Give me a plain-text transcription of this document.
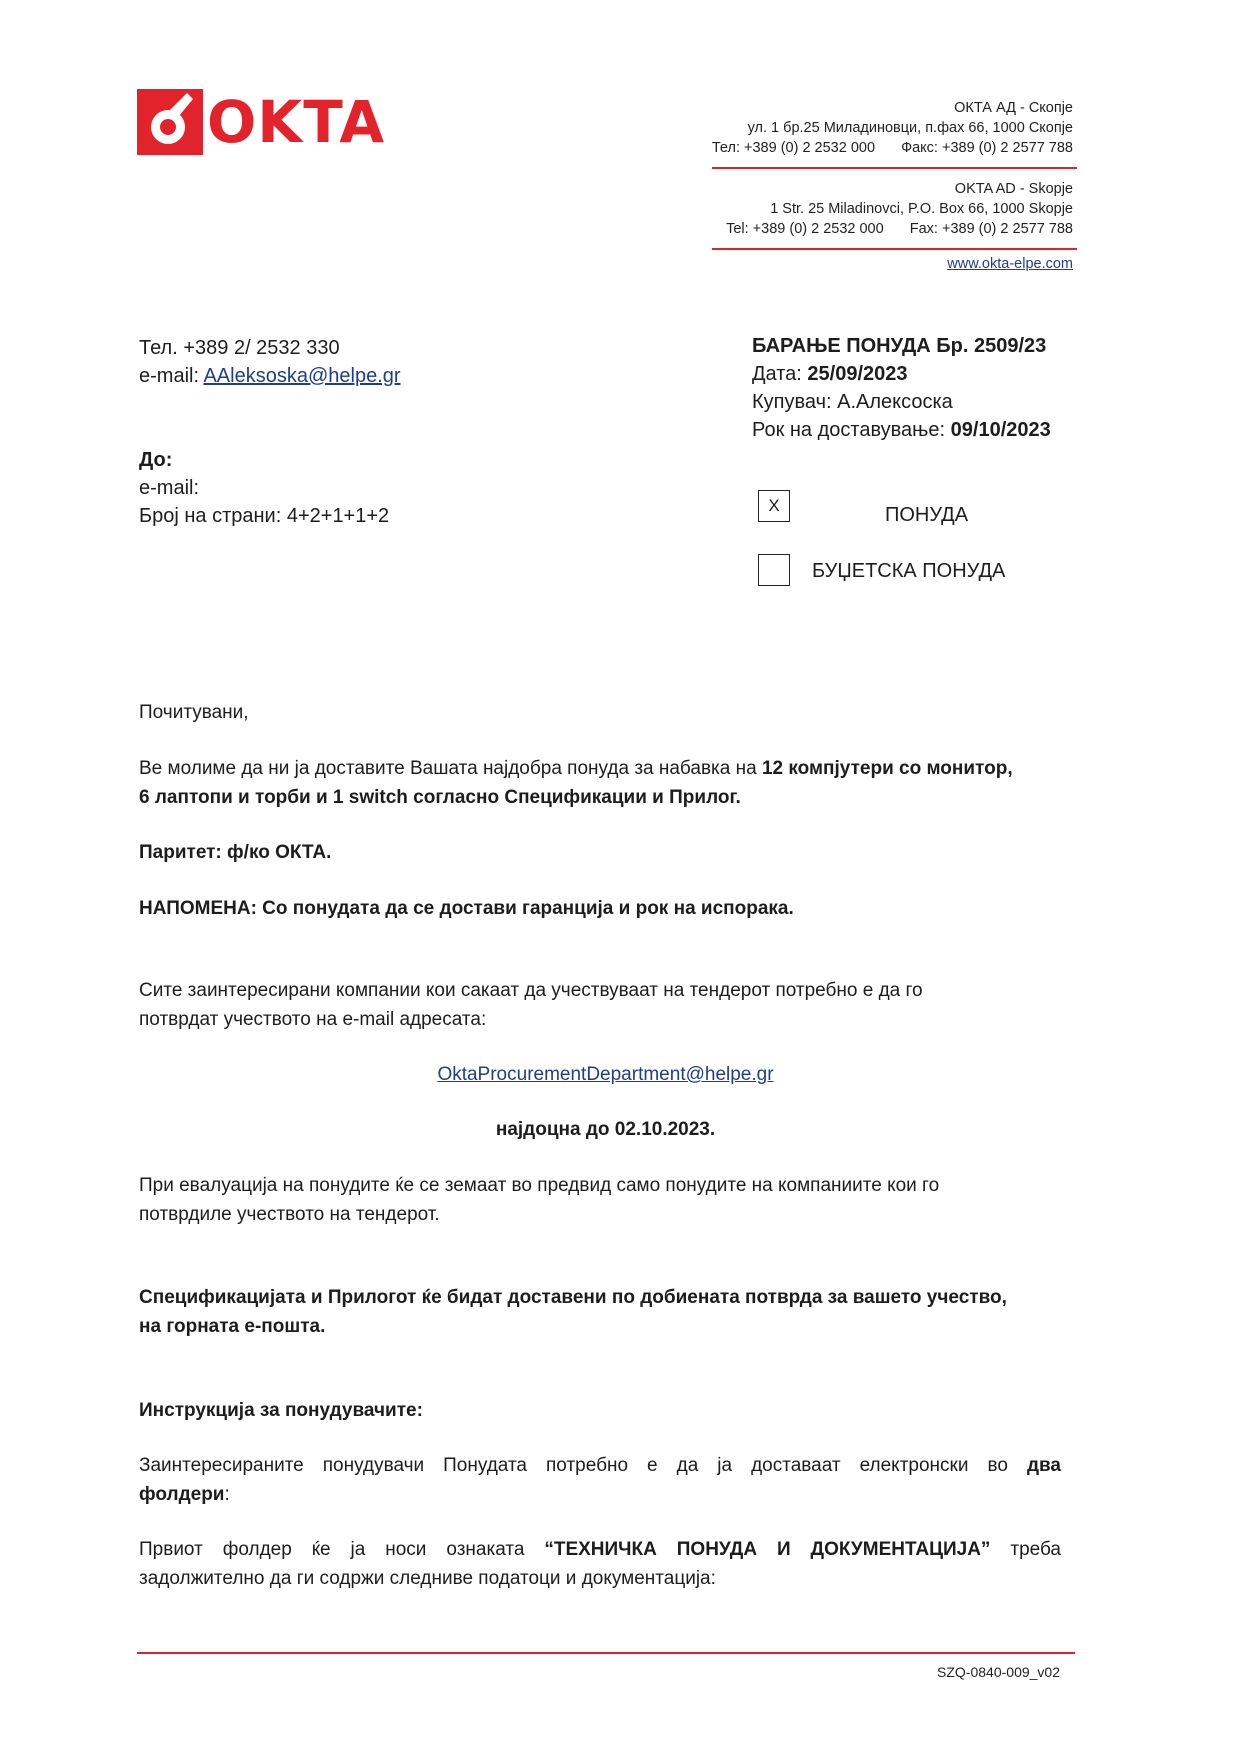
OKTA	ОКТА АД - Скопје
ул. 1 бр.25 Миладиновци, п.фах 66, 1000 Скопје
Тел: +389 (0) 2 2532 000 Факс: +389 (0) 2 2577 788
OKTA AD - Skopje
1 Str. 25 Miladinovci, P.O. Box 66, 1000 Skopje
Tel: +389 (0) 2 2532 000 Fax: +389 (0) 2 2577 788
www.okta-elpe.com
Тел. +389 2/ 2532 330
e-mail: AAleksoska@helpe.gr
БАРАЊЕ ПОНУДА Бр. 2509/23
Дата: 25/09/2023
Купувач: А.Алексоска
Рок на доставување: 09/10/2023
До:
e-mail:
Број на страни: 4+2+1+1+2	X	ПОНУДА
БУЏЕТСКА ПОНУДА
Почитувани,
Ве молиме да ни ја доставите Вашата најдобра понуда за набавка на 12 компјутери со монитор,
6 лаптопи и торби и 1 switch согласно Спецификации и Прилог.
Паритет: ф/ко ОКТА.
НАПОМЕНА: Со понудата да се достави гаранција и рок на испорака.
Сите заинтересирани компании кои сакаат да учествуваат на тендерот потребно е да го
потврдат учеството на e-mail адресата:
OktaProcurementDepartment@helpe.gr
најдоцна до 02.10.2023.
При евалуација на понудите ќе се земаат во предвид само понудите на компаниите кои го
потврдиле учеството на тендерот.
Спецификацијата и Прилогот ќе бидат доставени по добиената потврда за вашето учество,
на горната е-пошта.
Инструкција за понудувачите:
Заинтересираните понудувачи Понудата потребно е да ја доставаат електронски во два
фолдери:
Првиот фолдер ќе ја носи ознаката “ТЕХНИЧКА ПОНУДА И ДОКУМЕНТАЦИЈА” треба
задолжително да ги содржи следниве податоци и документација:
SZQ-0840-009_v02
